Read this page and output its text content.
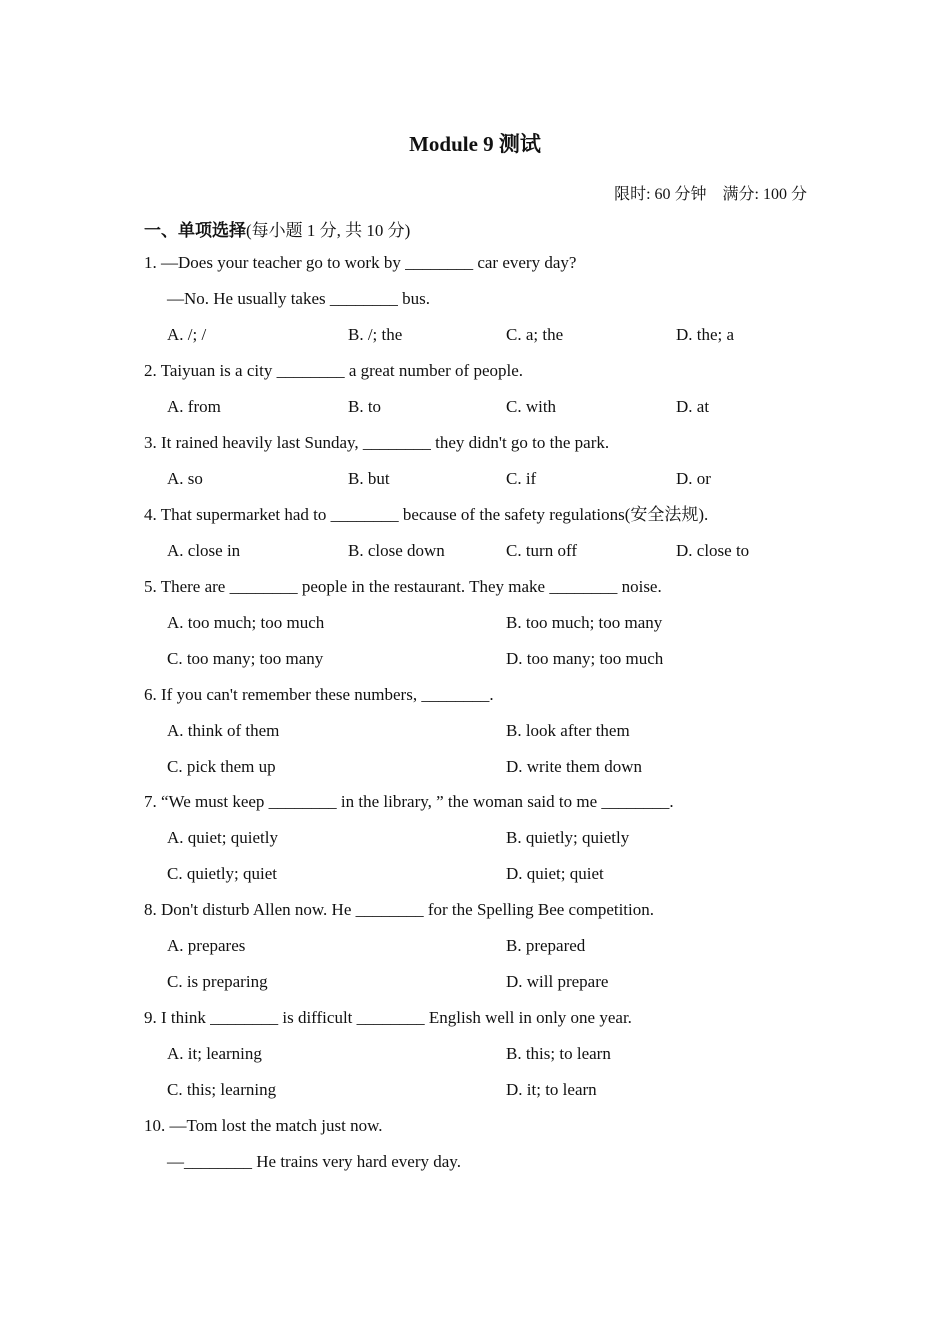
Module 9 测试
限时: 60 分钟 满分: 100 分
一、单项选择(每小题 1 分, 共 10 分)
1. —Does your teacher go to work by ________ car every day?
—No. He usually takes ________ bus.
A. /; /	B. /; the	C. a; the	D. the; a
2. Taiyuan is a city ________ a great number of people.
A. from	B. to	C. with	D. at
3. It rained heavily last Sunday, ________ they didn't go to the park.
A. so	B. but	C. if	D. or
4. That supermarket had to ________ because of the safety regulations(安全法规).
A. close in	B. close down	C. turn off	D. close to
5. There are ________ people in the restaurant. They make ________ noise.
A. too much; too much	B. too much; too many
C. too many; too many	D. too many; too much
6. If you can't remember these numbers, ________.
A. think of them	B. look after them
C. pick them up	D. write them down
7. “We must keep ________ in the library, ” the woman said to me ________.
A. quiet; quietly	B. quietly; quietly
C. quietly; quiet	D. quiet; quiet
8. Don't disturb Allen now. He ________ for the Spelling Bee competition.
A. prepares	B. prepared
C. is preparing	D. will prepare
9. I think ________ is difficult ________ English well in only one year.
A. it; learning	B. this; to learn
C. this; learning	D. it; to learn
10. —Tom lost the match just now.
—________ He trains very hard every day.
